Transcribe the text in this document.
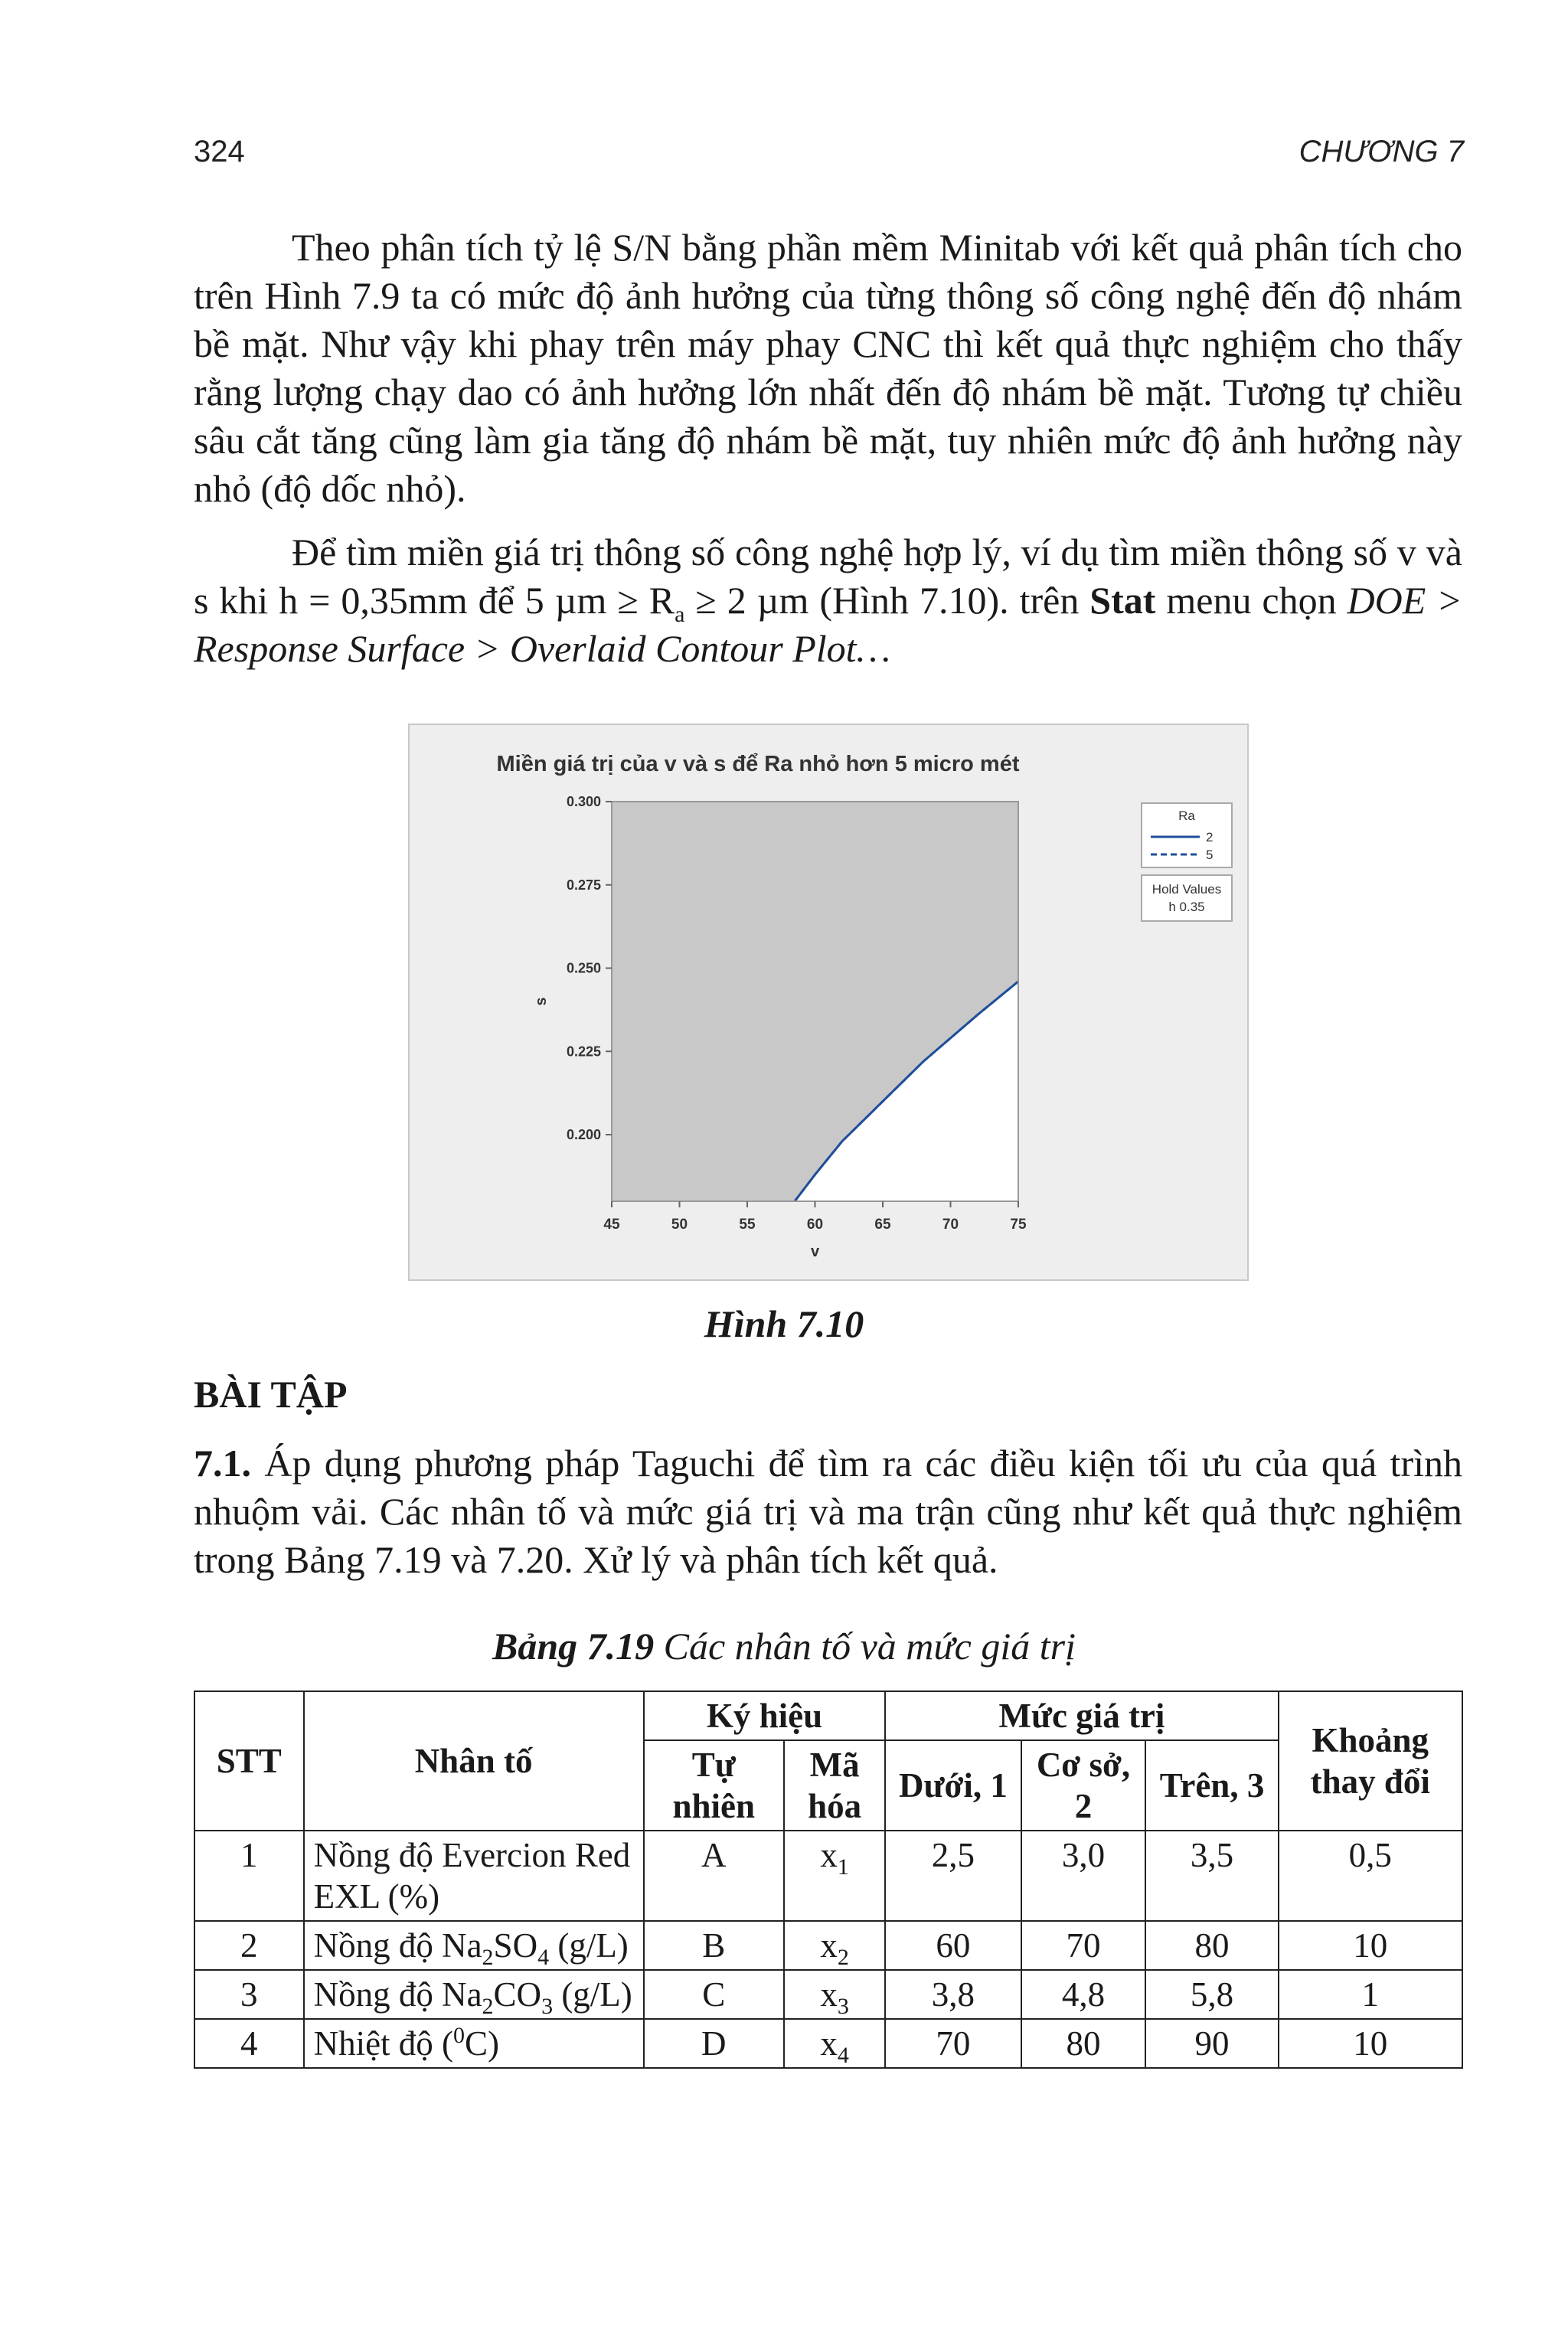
324	CHƯƠNG 7

Theo phân tích tỷ lệ S/N bằng phần mềm Minitab với kết quả phân tích cho trên Hình 7.9 ta có mức độ ảnh hưởng của từng thông số công nghệ đến độ nhám bề mặt. Như vậy khi phay trên máy phay CNC thì kết quả thực nghiệm cho thấy rằng lượng chạy dao có ảnh hưởng lớn nhất đến độ nhám bề mặt. Tương tự chiều sâu cắt tăng cũng làm gia tăng độ nhám bề mặt, tuy nhiên mức độ ảnh hưởng này nhỏ (độ dốc nhỏ).

Để tìm miền giá trị thông số công nghệ hợp lý, ví dụ tìm miền thông số v và s khi h = 0,35mm để 5 $\mu m \ge R_a \ge 2$ µm (Hình 7.10). trên Stat menu chọn DOE > Response Surface > Overlaid Contour Plot…

Miền giá trị của v và s để Ra nhỏ hơn 5 micro mét
s
v
45	50	55	60	65	70	75
0.300
0.275
0.250
0.225
0.200
Ra
2
5
Hold Values
h 0.35
Hình 7.10
BÀI TẬP

7.1. Áp dụng phương pháp Taguchi để tìm ra các điều kiện tối ưu của quá trình nhuộm vải. Các nhân tố và mức giá trị và ma trận cũng như kết quả thực nghiệm trong Bảng 7.19 và 7.20. Xử lý và phân tích kết quả.

Bảng 7.19 Các nhân tố và mức giá trị
STT	Nhân tố	Ký hiệu		Mức giá trị			Khoảng thay đổi
		Tự nhiên	Mã hóa	Dưới, 1	Cơ sở, 2	Trên, 3	
1	Nồng độ Evercion Red EXL (%)	A	$x_1$	2,5	3,0	3,5	0,5
2	Nồng độ $Na_2SO_4$ (g/L)	B	$x_2$	60	70	80	10
3	Nồng độ $Na_2CO_3$ (g/L)	C	$x_3$	3,8	4,8	5,8	1
4	Nhiệt độ ($^0$C)	D	$x_4$	70	80	90	10
